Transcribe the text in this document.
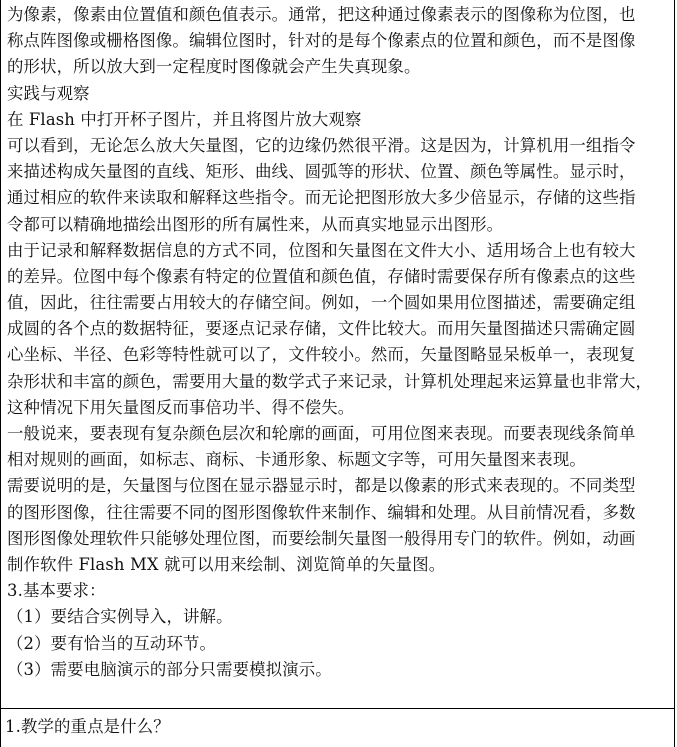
为像素，像素由位置值和颜色值表示。通常，把这种通过像素表示的图像称为位图，也
称点阵图像或栅格图像。编辑位图时，针对的是每个像素点的位置和颜色，而不是图像
的形状，所以放大到一定程度时图像就会产生失真现象。
实践与观察
在 Flash 中打开杯子图片，并且将图片放大观察
可以看到，无论怎么放大矢量图，它的边缘仍然很平滑。这是因为，计算机用一组指令
来描述构成矢量图的直线、矩形、曲线、圆弧等的形状、位置、颜色等属性。显示时，
通过相应的软件来读取和解释这些指令。而无论把图形放大多少倍显示，存储的这些指
令都可以精确地描绘出图形的所有属性来，从而真实地显示出图形。
由于记录和解释数据信息的方式不同，位图和矢量图在文件大小、适用场合上也有较大
的差异。位图中每个像素有特定的位置值和颜色值，存储时需要保存所有像素点的这些
值，因此，往往需要占用较大的存储空间。例如，一个圆如果用位图描述，需要确定组
成圆的各个点的数据特征，要逐点记录存储，文件比较大。而用矢量图描述只需确定圆
心坐标、半径、色彩等特性就可以了，文件较小。然而，矢量图略显呆板单一，表现复
杂形状和丰富的颜色，需要用大量的数学式子来记录，计算机处理起来运算量也非常大，
这种情况下用矢量图反而事倍功半、得不偿失。
一般说来，要表现有复杂颜色层次和轮廓的画面，可用位图来表现。而要表现线条简单
相对规则的画面，如标志、商标、卡通形象、标题文字等，可用矢量图来表现。
需要说明的是，矢量图与位图在显示器显示时，都是以像素的形式来表现的。不同类型
的图形图像，往往需要不同的图形图像软件来制作、编辑和处理。从目前情况看，多数
图形图像处理软件只能够处理位图，而要绘制矢量图一般得用专门的软件。例如，动画
制作软件 Flash MX 就可以用来绘制、浏览简单的矢量图。
3.基本要求：
（1）要结合实例导入，讲解。
（2）要有恰当的互动环节。
（3）需要电脑演示的部分只需要模拟演示。
1.教学的重点是什么？
